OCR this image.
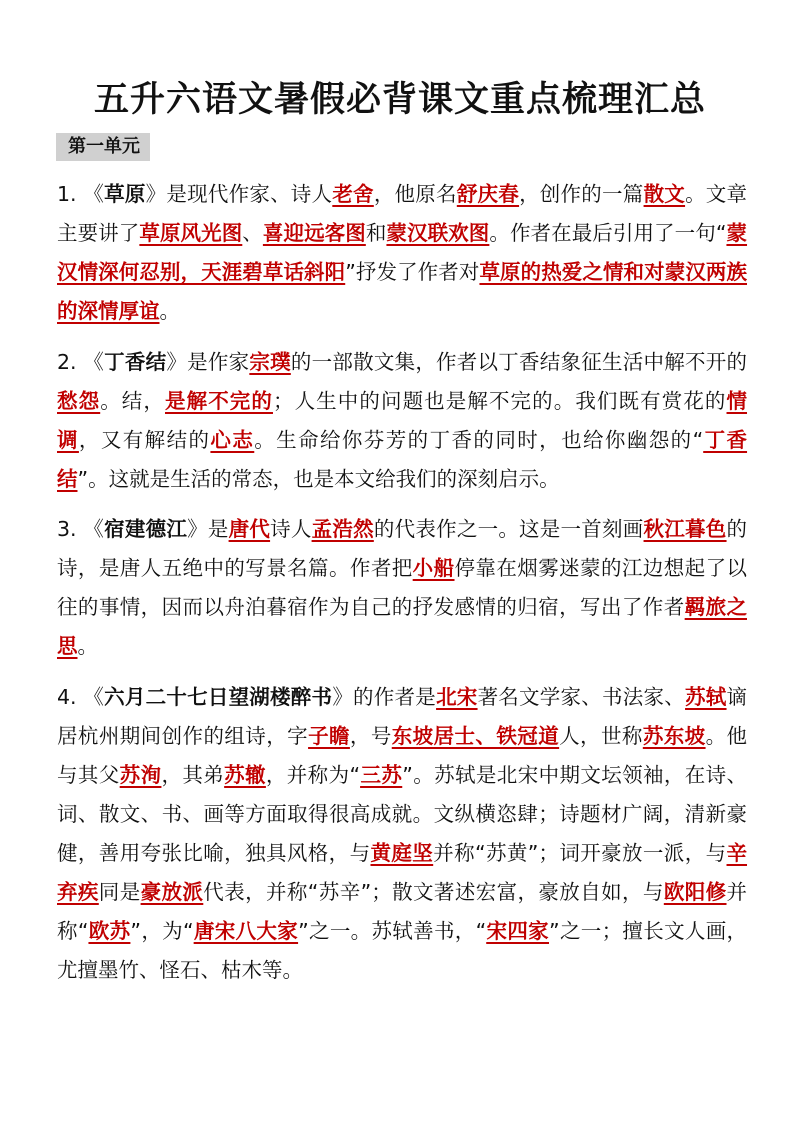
五升六语文暑假必背课文重点梳理汇总
第一单元

1. 《草原》是现代作家、诗人老舍，他原名舒庆春，创作的一篇散文。文章主要讲了草原风光图、喜迎远客图和蒙汉联欢图。作者在最后引用了一句“蒙汉情深何忍别，天涯碧草话斜阳”抒发了作者对草原的热爱之情和对蒙汉两族的深情厚谊。

2. 《丁香结》是作家宗璞的一部散文集，作者以丁香结象征生活中解不开的愁怨。结，是解不完的；人生中的问题也是解不完的。我们既有赏花的情调，又有解结的心志。生命给你芬芳的丁香的同时，也给你幽怨的“丁香结”。这就是生活的常态，也是本文给我们的深刻启示。

3. 《宿建德江》是唐代诗人孟浩然的代表作之一。这是一首刻画秋江暮色的诗，是唐人五绝中的写景名篇。作者把小船停靠在烟雾迷蒙的江边想起了以往的事情，因而以舟泊暮宿作为自己的抒发感情的归宿，写出了作者羁旅之思。

4. 《六月二十七日望湖楼醉书》的作者是北宋著名文学家、书法家、苏轼谪居杭州期间创作的组诗，字子瞻，号东坡居士、铁冠道人，世称苏东坡。他与其父苏洵，其弟苏辙，并称为“三苏”。苏轼是北宋中期文坛领袖，在诗、词、散文、书、画等方面取得很高成就。文纵横恣肆；诗题材广阔，清新豪健，善用夸张比喻，独具风格，与黄庭坚并称“苏黄”；词开豪放一派，与辛弃疾同是豪放派代表，并称“苏辛”；散文著述宏富，豪放自如，与欧阳修并称“欧苏”，为“唐宋八大家”之一。苏轼善书，“宋四家”之一；擅长文人画，尤擅墨竹、怪石、枯木等。
